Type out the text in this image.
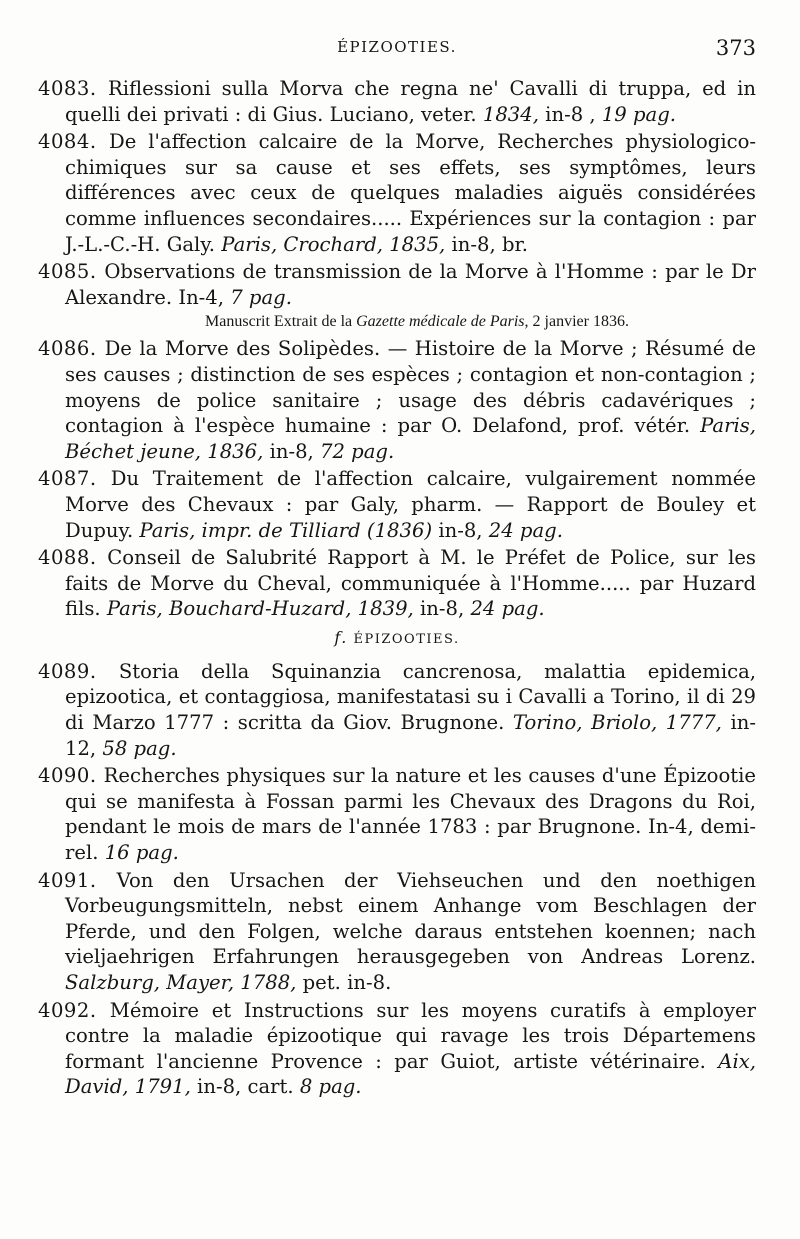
ÉPIZOOTIES.	373

4083. Riflessioni sulla Morva che regna ne' Cavalli di truppa, ed in quelli dei privati : di Gius. Luciano, veter. 1834, in-8 , 19 pag.

4084. De l'affection calcaire de la Morve, Recherches physiologico-chimiques sur sa cause et ses effets, ses symptômes, leurs différences avec ceux de quelques maladies aiguës considérées comme influences secondaires..... Expériences sur la contagion : par J.-L.-C.-H. Galy. Paris, Crochard, 1835, in-8, br.

4085. Observations de transmission de la Morve à l'Homme : par le Dr Alexandre. In-4, 7 pag.

Manuscrit Extrait de la Gazette médicale de Paris, 2 janvier 1836.

4086. De la Morve des Solipèdes. — Histoire de la Morve ; Résumé de ses causes ; distinction de ses espèces ; contagion et non-contagion ; moyens de police sanitaire ; usage des débris cadavériques ; contagion à l'espèce humaine : par O. Delafond, prof. vétér. Paris, Béchet jeune, 1836, in-8, 72 pag.

4087. Du Traitement de l'affection calcaire, vulgairement nommée Morve des Chevaux : par Galy, pharm. — Rapport de Bouley et Dupuy. Paris, impr. de Tilliard (1836) in-8, 24 pag.

4088. Conseil de Salubrité Rapport à M. le Préfet de Police, sur les faits de Morve du Cheval, communiquée à l'Homme..... par Huzard fils. Paris, Bouchard-Huzard, 1839, in-8, 24 pag.

f. ÉPIZOOTIES.

4089. Storia della Squinanzia cancrenosa, malattia epidemica, epizootica, et contaggiosa, manifestatasi su i Cavalli a Torino, il di 29 di Marzo 1777 : scritta da Giov. Brugnone. Torino, Briolo, 1777, in-12, 58 pag.

4090. Recherches physiques sur la nature et les causes d'une Épizootie qui se manifesta à Fossan parmi les Chevaux des Dragons du Roi, pendant le mois de mars de l'année 1783 : par Brugnone. In-4, demi-rel. 16 pag.

4091. Von den Ursachen der Viehseuchen und den noethigen Vorbeugungsmitteln, nebst einem Anhange vom Beschlagen der Pferde, und den Folgen, welche daraus entstehen koennen; nach vieljaehrigen Erfahrungen herausgegeben von Andreas Lorenz. Salzburg, Mayer, 1788, pet. in-8.

4092. Mémoire et Instructions sur les moyens curatifs à employer contre la maladie épizootique qui ravage les trois Départemens formant l'ancienne Provence : par Guiot, artiste vétérinaire. Aix, David, 1791, in-8, cart. 8 pag.
